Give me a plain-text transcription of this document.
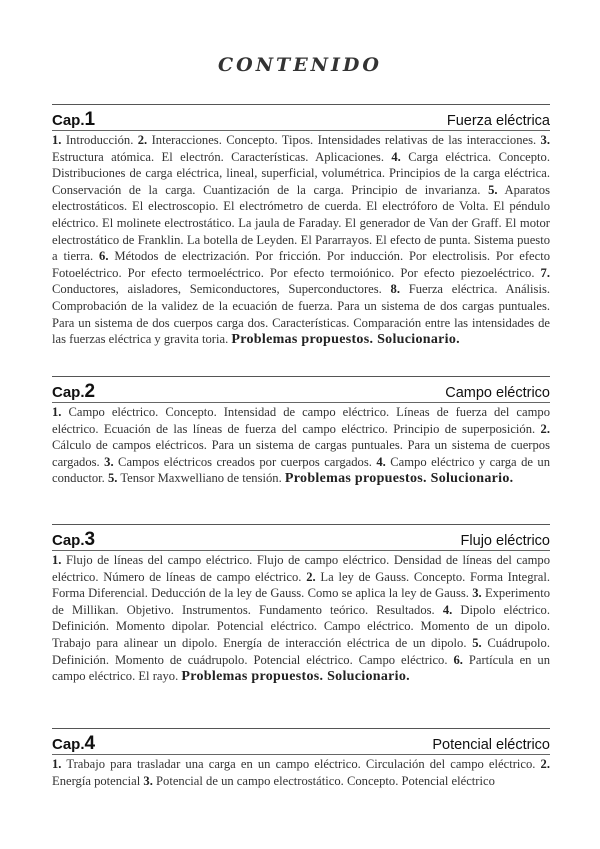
CONTENIDO
Cap.1	Fuerza eléctrica
1. Introducción. 2. Interacciones. Concepto. Tipos. Intensidades relativas de las interacciones. 3. Estructura atómica. El electrón. Características. Aplicaciones. 4. Carga eléctrica. Concepto. Distribuciones de carga eléctrica, lineal, superficial, volumétrica. Principios de la carga eléctrica. Conservación de la carga. Cuantización de la carga. Principio de invarianza. 5. Aparatos electrostáticos. El electroscopio. El electrómetro de cuerda. El electróforo de Volta. El péndulo eléctrico. El molinete electrostático. La jaula de Faraday. El generador de Van der Graff. El motor electrostático de Franklin. La botella de Leyden. El Pararrayos. El efecto de punta. Sistema puesto a tierra. 6. Métodos de electrización. Por fricción. Por inducción. Por electrolisis. Por efecto Fotoeléctrico. Por efecto termoeléctrico. Por efecto termoiónico. Por efecto piezoeléctrico. 7. Conductores, aisladores, Semiconductores, Superconductores. 8. Fuerza eléctrica. Análisis. Comprobación de la validez de la ecuación de fuerza. Para un sistema de dos cargas puntuales. Para un sistema de dos cuerpos carga dos. Características. Comparación entre las intensidades de las fuerzas eléctrica y gravita toria. Problemas propuestos. Solucionario.
Cap.2	Campo eléctrico
1. Campo eléctrico. Concepto. Intensidad de campo eléctrico. Líneas de fuerza del campo eléctrico. Ecuación de las líneas de fuerza del campo eléctrico. Principio de superposición. 2. Cálculo de campos eléctricos. Para un sistema de cargas puntuales. Para un sistema de cuerpos cargados. 3. Campos eléctricos creados por cuerpos cargados. 4. Campo eléctrico y carga de un conductor. 5. Tensor Maxwelliano de tensión. Problemas propuestos. Solucionario.
Cap.3	Flujo eléctrico
1. Flujo de líneas del campo eléctrico. Flujo de campo eléctrico. Densidad de líneas del campo eléctrico. Número de líneas de campo eléctrico. 2. La ley de Gauss. Concepto. Forma Integral. Forma Diferencial. Deducción de la ley de Gauss. Como se aplica la ley de Gauss. 3. Experimento de Millikan. Objetivo. Instrumentos. Fundamento teórico. Resultados. 4. Dipolo eléctrico. Definición. Momento dipolar. Potencial eléctrico. Campo eléctrico. Momento de un dipolo. Trabajo para alinear un dipolo. Energía de interacción eléctrica de un dipolo. 5. Cuádrupolo. Definición. Momento de cuádrupolo. Potencial eléctrico. Campo eléctrico. 6. Partícula en un campo eléctrico. El rayo. Problemas propuestos. Solucionario.
Cap.4	Potencial eléctrico
1. Trabajo para trasladar una carga en un campo eléctrico. Circulación del campo eléctrico. 2. Energía potencial 3. Potencial de un campo electrostático. Concepto. Potencial eléctrico
